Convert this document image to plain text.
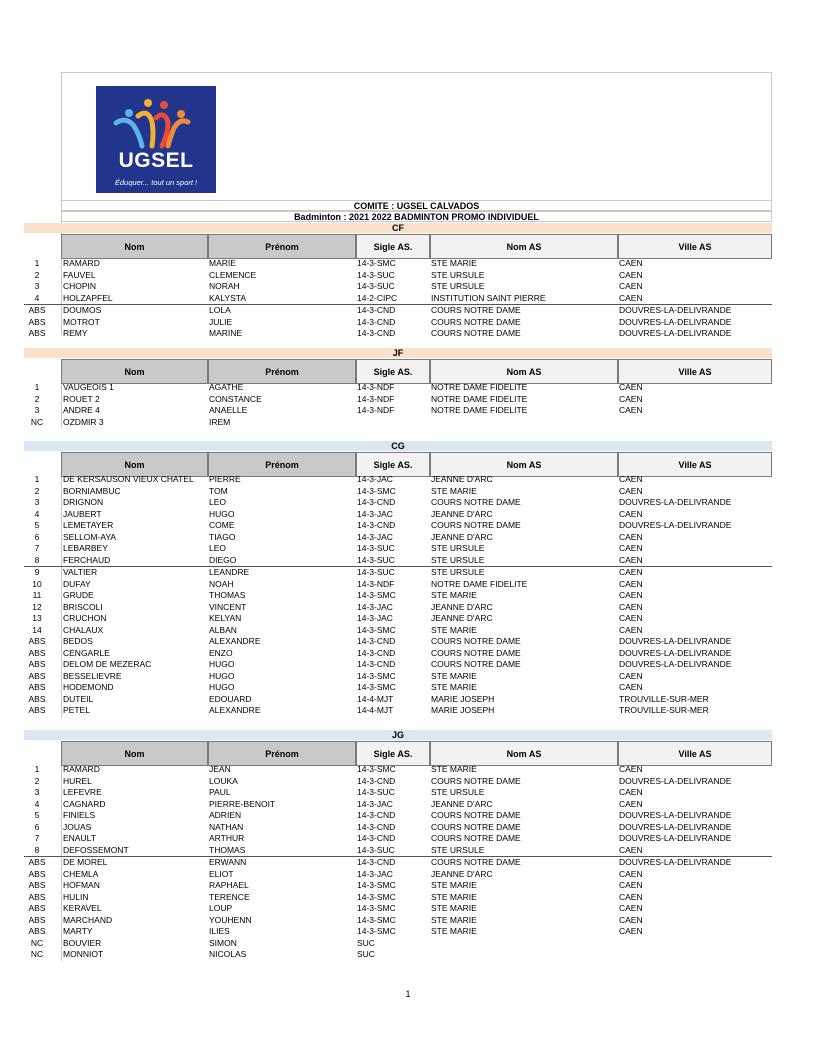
UGSEL
Éduquer... tout un sport !
COMITE : UGSEL CALVADOS
Badminton : 2021 2022 BADMINTON PROMO INDIVIDUEL
CF
Nom	Prénom	Sigle AS.	Nom AS	Ville AS
1	RAMARD	MARIE	14-3-SMC	STE MARIE	CAEN
2	FAUVEL	CLEMENCE	14-3-SUC	STE URSULE	CAEN
3	CHOPIN	NORAH	14-3-SUC	STE URSULE	CAEN
4	HOLZAPFEL	KALYSTA	14-2-CIPC	INSTITUTION SAINT PIERRE	CAEN
ABS	DOUMOS	LOLA	14-3-CND	COURS NOTRE DAME	DOUVRES-LA-DELIVRANDE
ABS	MOTROT	JULIE	14-3-CND	COURS NOTRE DAME	DOUVRES-LA-DELIVRANDE
ABS	REMY	MARINE	14-3-CND	COURS NOTRE DAME	DOUVRES-LA-DELIVRANDE
JF
Nom	Prénom	Sigle AS.	Nom AS	Ville AS
1	VAUGEOIS 1	AGATHE	14-3-NDF	NOTRE DAME FIDELITE	CAEN
2	ROUET 2	CONSTANCE	14-3-NDF	NOTRE DAME FIDELITE	CAEN
3	ANDRE 4	ANAELLE	14-3-NDF	NOTRE DAME FIDELITE	CAEN
NC	OZDMIR 3	IREM
CG
Nom	Prénom	Sigle AS.	Nom AS	Ville AS
1	DE KERSAUSON VIEUX CHATEL	PIERRE	14-3-JAC	JEANNE D'ARC	CAEN
2	BORNIAMBUC	TOM	14-3-SMC	STE MARIE	CAEN
3	DRIGNON	LEO	14-3-CND	COURS NOTRE DAME	DOUVRES-LA-DELIVRANDE
4	JAUBERT	HUGO	14-3-JAC	JEANNE D'ARC	CAEN
5	LEMETAYER	COME	14-3-CND	COURS NOTRE DAME	DOUVRES-LA-DELIVRANDE
6	SELLOM-AYA	TIAGO	14-3-JAC	JEANNE D'ARC	CAEN
7	LEBARBEY	LEO	14-3-SUC	STE URSULE	CAEN
8	FERCHAUD	DIEGO	14-3-SUC	STE URSULE	CAEN
9	VALTIER	LEANDRE	14-3-SUC	STE URSULE	CAEN
10	DUFAY	NOAH	14-3-NDF	NOTRE DAME FIDELITE	CAEN
11	GRUDE	THOMAS	14-3-SMC	STE MARIE	CAEN
12	BRISCOLI	VINCENT	14-3-JAC	JEANNE D'ARC	CAEN
13	CRUCHON	KELYAN	14-3-JAC	JEANNE D'ARC	CAEN
14	CHALAUX	ALBAN	14-3-SMC	STE MARIE	CAEN
ABS	BEDOS	ALEXANDRE	14-3-CND	COURS NOTRE DAME	DOUVRES-LA-DELIVRANDE
ABS	CENGARLE	ENZO	14-3-CND	COURS NOTRE DAME	DOUVRES-LA-DELIVRANDE
ABS	DELOM DE MEZERAC	HUGO	14-3-CND	COURS NOTRE DAME	DOUVRES-LA-DELIVRANDE
ABS	BESSELIEVRE	HUGO	14-3-SMC	STE MARIE	CAEN
ABS	HODEMOND	HUGO	14-3-SMC	STE MARIE	CAEN
ABS	DUTEIL	EDOUARD	14-4-MJT	MARIE JOSEPH	TROUVILLE-SUR-MER
ABS	PETEL	ALEXANDRE	14-4-MJT	MARIE JOSEPH	TROUVILLE-SUR-MER
JG
Nom	Prénom	Sigle AS.	Nom AS	Ville AS
1	RAMARD	JEAN	14-3-SMC	STE MARIE	CAEN
2	HUREL	LOUKA	14-3-CND	COURS NOTRE DAME	DOUVRES-LA-DELIVRANDE
3	LEFEVRE	PAUL	14-3-SUC	STE URSULE	CAEN
4	CAGNARD	PIERRE-BENOIT	14-3-JAC	JEANNE D'ARC	CAEN
5	FINIELS	ADRIEN	14-3-CND	COURS NOTRE DAME	DOUVRES-LA-DELIVRANDE
6	JOUAS	NATHAN	14-3-CND	COURS NOTRE DAME	DOUVRES-LA-DELIVRANDE
7	ENAULT	ARTHUR	14-3-CND	COURS NOTRE DAME	DOUVRES-LA-DELIVRANDE
8	DEFOSSEMONT	THOMAS	14-3-SUC	STE URSULE	CAEN
ABS	DE MOREL	ERWANN	14-3-CND	COURS NOTRE DAME	DOUVRES-LA-DELIVRANDE
ABS	CHEMLA	ELIOT	14-3-JAC	JEANNE D'ARC	CAEN
ABS	HOFMAN	RAPHAEL	14-3-SMC	STE MARIE	CAEN
ABS	HULIN	TERENCE	14-3-SMC	STE MARIE	CAEN
ABS	KERAVEL	LOUP	14-3-SMC	STE MARIE	CAEN
ABS	MARCHAND	YOUHENN	14-3-SMC	STE MARIE	CAEN
ABS	MARTY	ILIES	14-3-SMC	STE MARIE	CAEN
NC	BOUVIER	SIMON	SUC
NC	MONNIOT	NICOLAS	SUC
1
